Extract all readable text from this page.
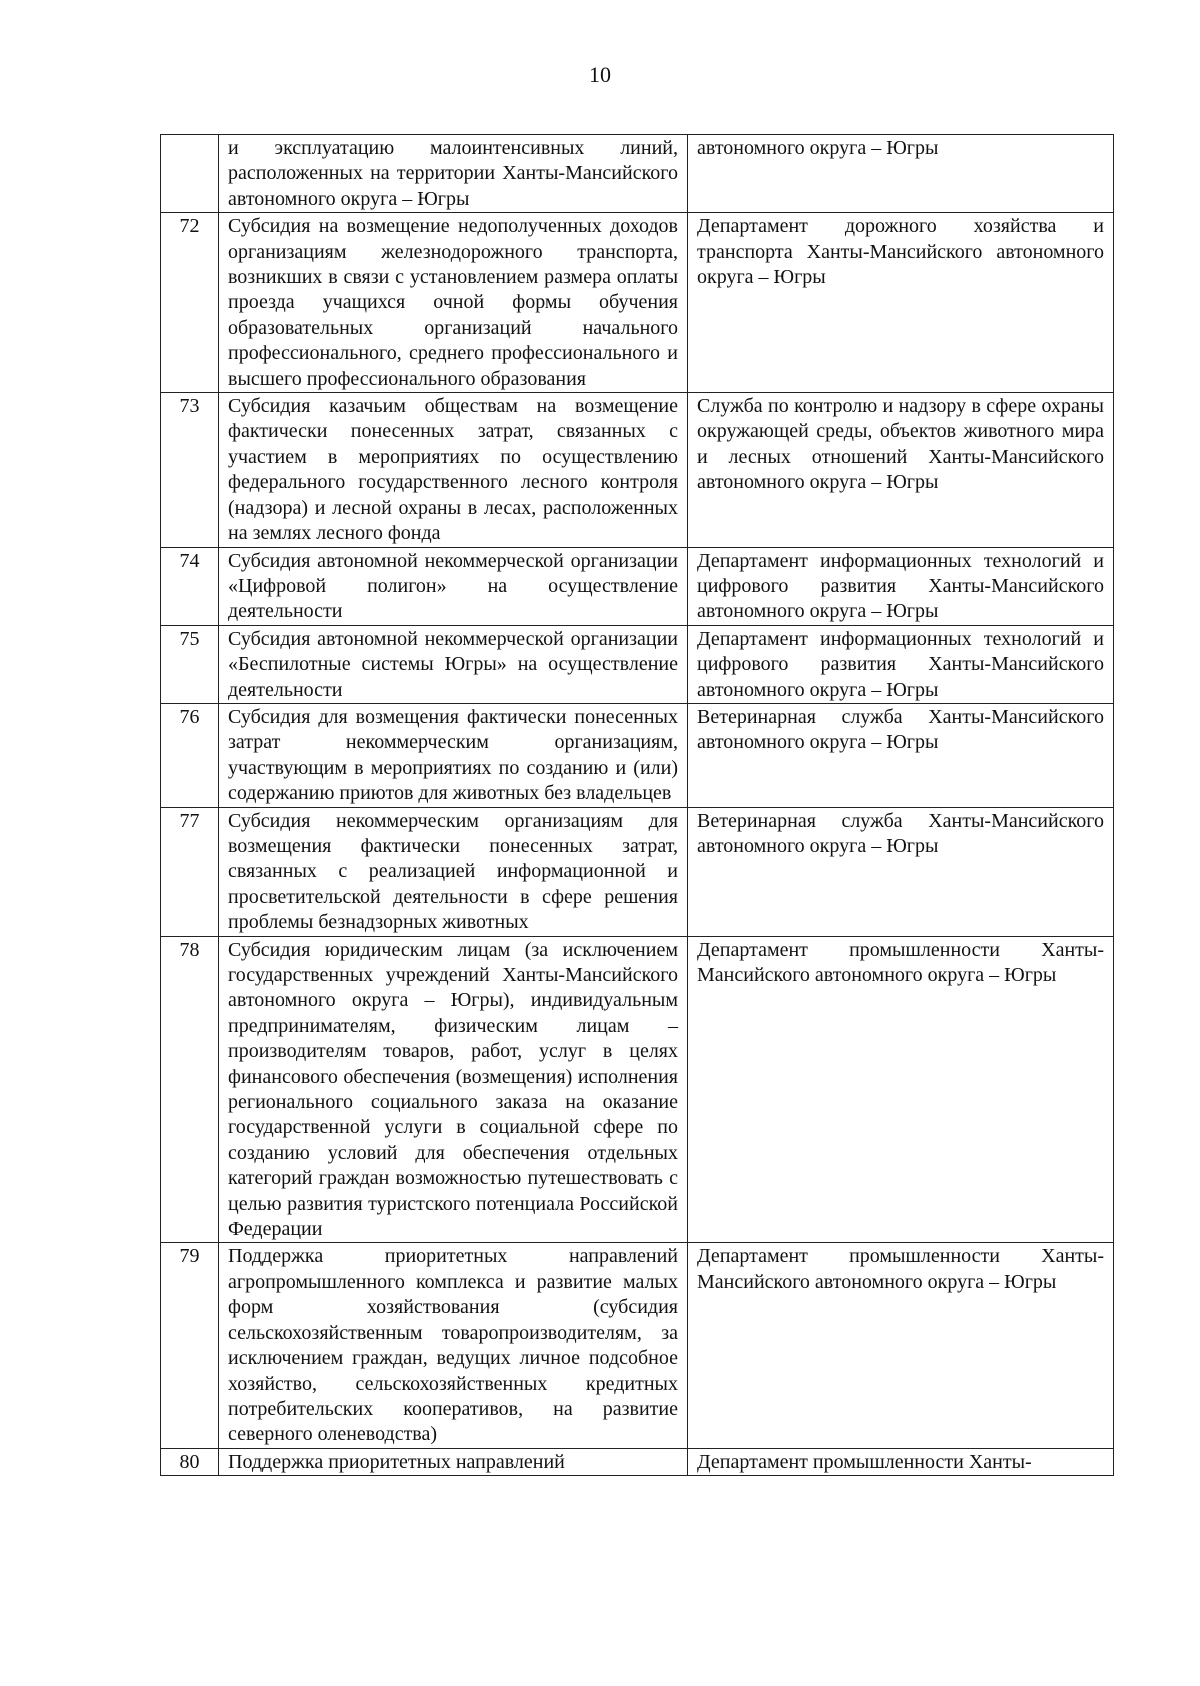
10
	и эксплуатацию малоинтенсивных линий, расположенных на территории Ханты-Мансийского автономного округа – Югры	автономного округа – Югры
72	Субсидия на возмещение недополученных доходов организациям железнодорожного транспорта, возникших в связи с установлением размера оплаты проезда учащихся очной формы обучения образовательных организаций начального профессионального, среднего профессионального и высшего профессионального образования	Департамент дорожного хозяйства и транспорта Ханты-Мансийского автономного округа – Югры
73	Субсидия казачьим обществам на возмещение фактически понесенных затрат, связанных с участием в мероприятиях по осуществлению федерального государственного лесного контроля (надзора) и лесной охраны в лесах, расположенных на землях лесного фонда	Служба по контролю и надзору в сфере охраны окружающей среды, объектов животного мира и лесных отношений Ханты-Мансийского автономного округа – Югры
74	Субсидия автономной некоммерческой организации «Цифровой полигон» на осуществление деятельности	Департамент информационных технологий и цифрового развития Ханты-Мансийского автономного округа – Югры
75	Субсидия автономной некоммерческой организации «Беспилотные системы Югры» на осуществление деятельности	Департамент информационных технологий и цифрового развития Ханты-Мансийского автономного округа – Югры
76	Субсидия для возмещения фактически понесенных затрат некоммерческим организациям, участвующим в мероприятиях по созданию и (или) содержанию приютов для животных без владельцев	Ветеринарная служба Ханты-Мансийского автономного округа – Югры
77	Субсидия некоммерческим организациям для возмещения фактически понесенных затрат, связанных с реализацией информационной и просветительской деятельности в сфере решения проблемы безнадзорных животных	Ветеринарная служба Ханты-Мансийского автономного округа – Югры
78	Субсидия юридическим лицам (за исключением государственных учреждений Ханты-Мансийского автономного округа – Югры), индивидуальным предпринимателям, физическим лицам – производителям товаров, работ, услуг в целях финансового обеспечения (возмещения) исполнения регионального социального заказа на оказание государственной услуги в социальной сфере по созданию условий для обеспечения отдельных категорий граждан возможностью путешествовать с целью развития туристского потенциала Российской Федерации	Департамент промышленности Ханты-Мансийского автономного округа – Югры
79	Поддержка приоритетных направлений агропромышленного комплекса и развитие малых форм хозяйствования (субсидия сельскохозяйственным товаропроизводителям, за исключением граждан, ведущих личное подсобное хозяйство, сельскохозяйственных кредитных потребительских кооперативов, на развитие северного оленеводства)	Департамент промышленности Ханты-Мансийского автономного округа – Югры
80	Поддержка приоритетных направлений	Департамент промышленности Ханты-
